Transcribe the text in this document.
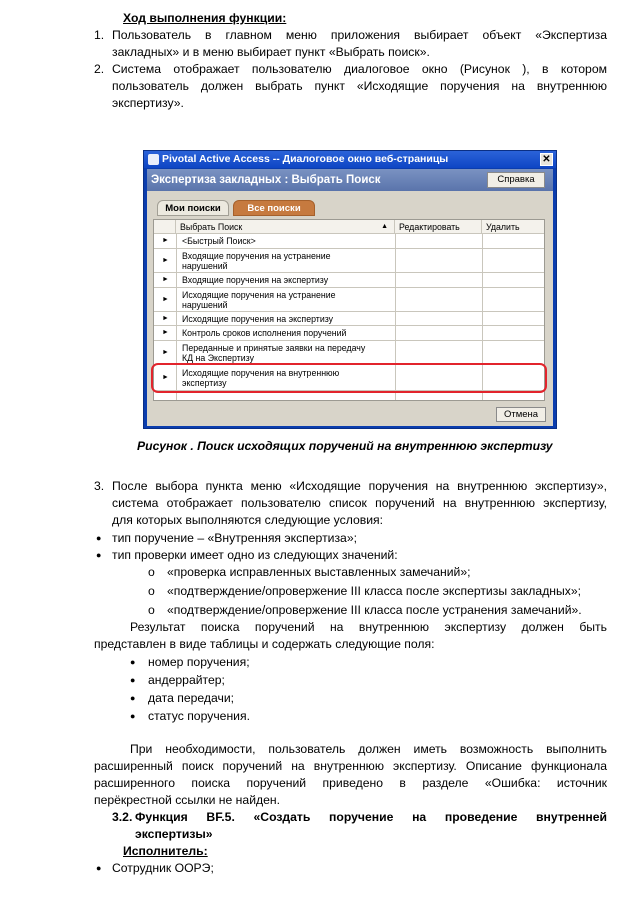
Ход выполнения функции:
1. Пользователь в главном меню приложения выбирает объект «Экспертиза
закладных» и в меню выбирает пункт «Выбрать поиск».
2. Система отображает пользователю диалоговое окно (Рисунок ), в котором
пользователь должен выбрать пункт «Исходящие поручения на внутреннюю
экспертизу».
Pivotal Active Access -- Диалоговое окно веб-страницы	✕
Экспертиза закладных : Выбрать Поиск	Справка
Мои поиски	Все поиски
Выбрать Поиск	▲	Редактировать	Удалить
► <Быстрый Поиск>
► Входящие поручения на устранение
нарушений
► Входящие поручения на экспертизу
► Исходящие поручения на устранение
нарушений
► Исходящие поручения на экспертизу
► Контроль сроков исполнения поручений
► Переданные и принятые заявки на передачу
КД на Экспертизу
► Исходящие поручения на внутреннюю
экспертизу
Отмена
Рисунок . Поиск исходящих поручений на внутреннюю экспертизу
3. После выбора пункта меню «Исходящие поручения на внутреннюю экспертизу»,
система отображает пользователю список поручений на внутреннюю экспертизу,
для которых выполняются следующие условия:
● тип поручение – «Внутренняя экспертиза»;
● тип проверки имеет одно из следующих значений:
o «проверка исправленных выставленных замечаний»;
o «подтверждение/опровержение III класса после экспертизы закладных»;
o «подтверждение/опровержение III класса после устранения замечаний».
Результат поиска поручений на внутреннюю экспертизу должен быть
представлен в виде таблицы и содержать следующие поля:
● номер поручения;
● андеррайтер;
● дата передачи;
● статус поручения.
При необходимости, пользователь должен иметь возможность выполнить
расширенный поиск поручений на внутреннюю экспертизу. Описание функционала
расширенного поиска поручений приведено в разделе «Ошибка: источник
перёкрестной ссылки не найден.
3.2. Функция BF.5. «Создать поручение на проведение внутренней
экспертизы»
Исполнитель:
● Сотрудник ООРЭ;
